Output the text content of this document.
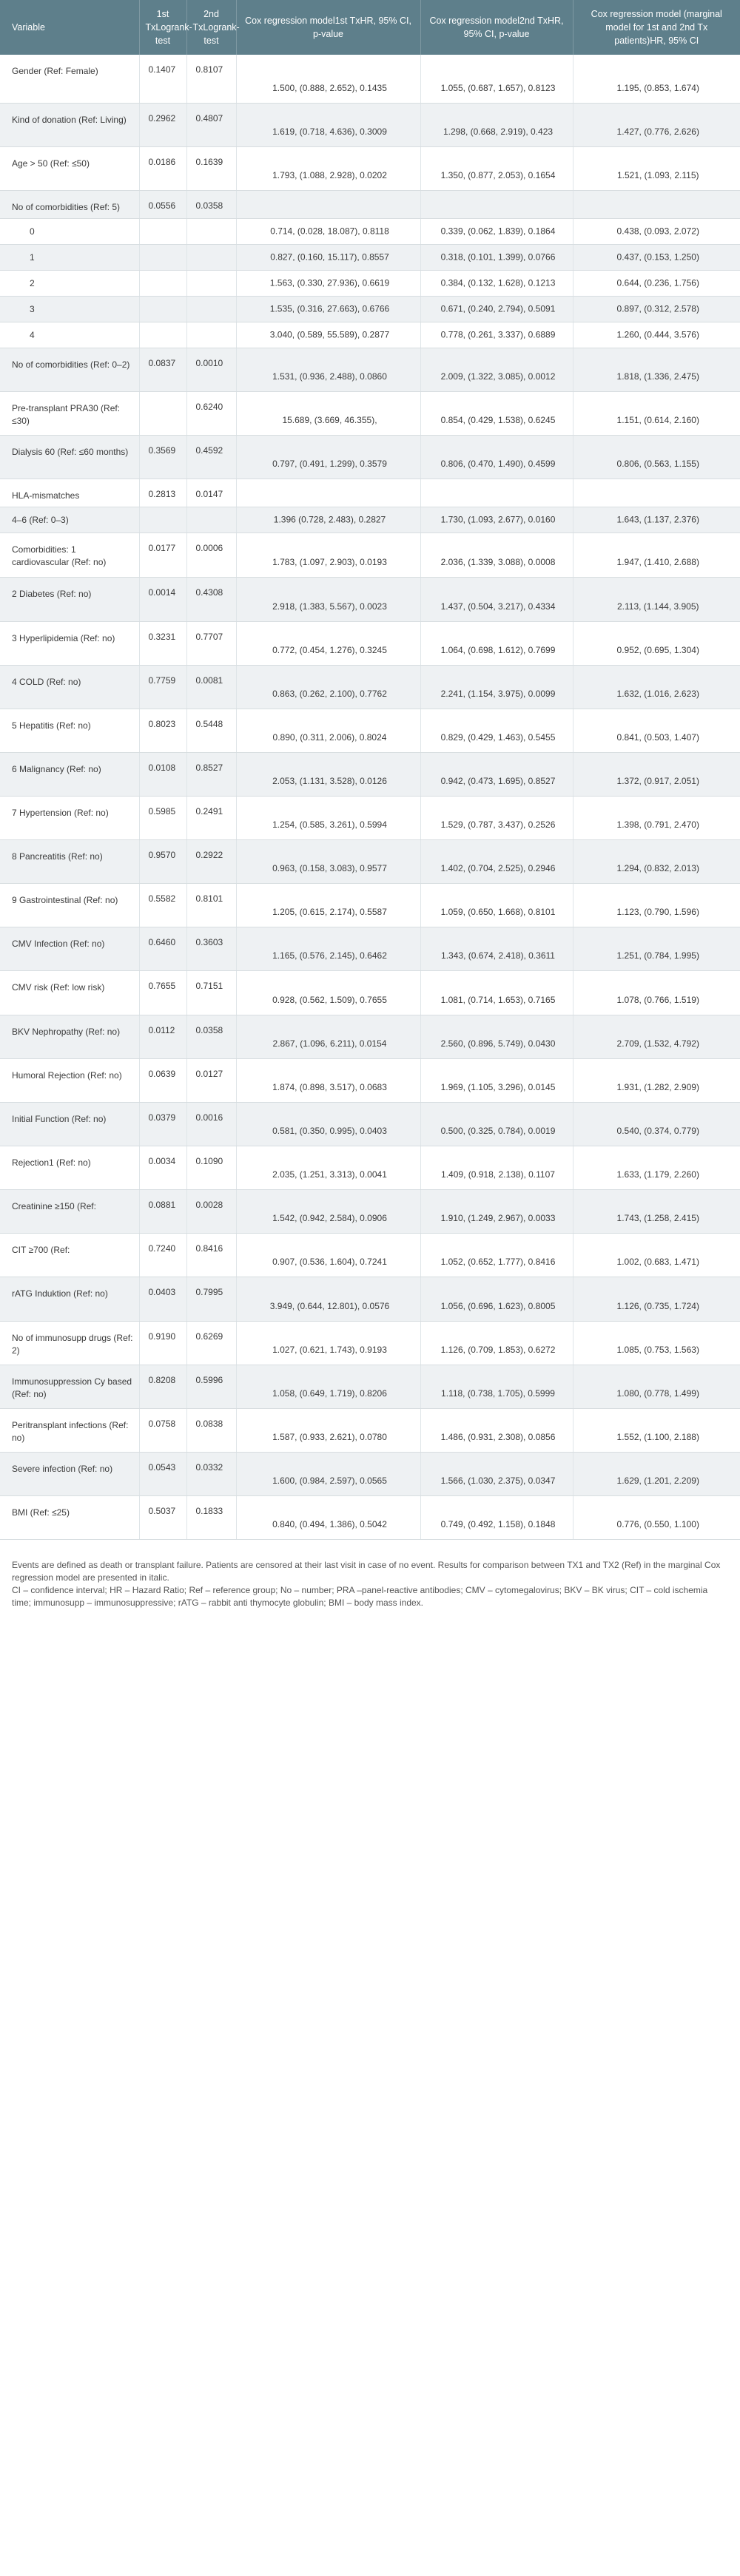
Variable	1st TxLogrank-test	2nd TxLogrank-test	Cox regression model1st TxHR, 95% CI, p-value	Cox regression model2nd TxHR, 95% CI, p-value	Cox regression model (marginal model for 1st and 2nd Tx patients)HR, 95% CI

Gender (Ref: Female)	0.1407	0.8107	1.500, (0.888, 2.652), 0.1435	1.055, (0.687, 1.657), 0.8123	1.195, (0.853, 1.674)

Kind of donation (Ref: Living)	0.2962	0.4807	1.619, (0.718, 4.636), 0.3009	1.298, (0.668, 2.919), 0.423	1.427, (0.776, 2.626)

Age > 50 (Ref: ≤50)	0.0186	0.1639	1.793, (1.088, 2.928), 0.0202	1.350, (0.877, 2.053), 0.1654	1.521, (1.093, 2.115)

No of comorbidities (Ref: 5)	0.0556	0.0358			

0			0.714, (0.028, 18.087), 0.8118	0.339, (0.062, 1.839), 0.1864	0.438, (0.093, 2.072)

1			0.827, (0.160, 15.117), 0.8557	0.318, (0.101, 1.399), 0.0766	0.437, (0.153, 1.250)

2			1.563, (0.330, 27.936), 0.6619	0.384, (0.132, 1.628), 0.1213	0.644, (0.236, 1.756)

3			1.535, (0.316, 27.663), 0.6766	0.671, (0.240, 2.794), 0.5091	0.897, (0.312, 2.578)

4			3.040, (0.589, 55.589), 0.2877	0.778, (0.261, 3.337), 0.6889	1.260, (0.444, 3.576)

No of comorbidities (Ref: 0–2)	0.0837	0.0010	1.531, (0.936, 2.488), 0.0860	2.009, (1.322, 3.085), 0.0012	1.818, (1.336, 2.475)

Pre-transplant PRA30 (Ref: ≤30)		0.6240	15.689, (3.669, 46.355),	0.854, (0.429, 1.538), 0.6245	1.151, (0.614, 2.160)

Dialysis 60 (Ref: ≤60 months)	0.3569	0.4592	0.797, (0.491, 1.299), 0.3579	0.806, (0.470, 1.490), 0.4599	0.806, (0.563, 1.155)

HLA-mismatches	0.2813	0.0147			

4–6 (Ref: 0–3)			1.396 (0.728, 2.483), 0.2827	1.730, (1.093, 2.677), 0.0160	1.643, (1.137, 2.376)

Comorbidities: 1 cardiovascular (Ref: no)	0.0177	0.0006	1.783, (1.097, 2.903), 0.0193	2.036, (1.339, 3.088), 0.0008	1.947, (1.410, 2.688)

2 Diabetes (Ref: no)	0.0014	0.4308	2.918, (1.383, 5.567), 0.0023	1.437, (0.504, 3.217), 0.4334	2.113, (1.144, 3.905)

3 Hyperlipidemia (Ref: no)	0.3231	0.7707	0.772, (0.454, 1.276), 0.3245	1.064, (0.698, 1.612), 0.7699	0.952, (0.695, 1.304)

4 COLD (Ref: no)	0.7759	0.0081	0.863, (0.262, 2.100), 0.7762	2.241, (1.154, 3.975), 0.0099	1.632, (1.016, 2.623)

5 Hepatitis (Ref: no)	0.8023	0.5448	0.890, (0.311, 2.006), 0.8024	0.829, (0.429, 1.463), 0.5455	0.841, (0.503, 1.407)

6 Malignancy (Ref: no)	0.0108	0.8527	2.053, (1.131, 3.528), 0.0126	0.942, (0.473, 1.695), 0.8527	1.372, (0.917, 2.051)

7 Hypertension (Ref: no)	0.5985	0.2491	1.254, (0.585, 3.261), 0.5994	1.529, (0.787, 3.437), 0.2526	1.398, (0.791, 2.470)

8 Pancreatitis (Ref: no)	0.9570	0.2922	0.963, (0.158, 3.083), 0.9577	1.402, (0.704, 2.525), 0.2946	1.294, (0.832, 2.013)

9 Gastrointestinal (Ref: no)	0.5582	0.8101	1.205, (0.615, 2.174), 0.5587	1.059, (0.650, 1.668), 0.8101	1.123, (0.790, 1.596)

CMV Infection (Ref: no)	0.6460	0.3603	1.165, (0.576, 2.145), 0.6462	1.343, (0.674, 2.418), 0.3611	1.251, (0.784, 1.995)

CMV risk (Ref: low risk)	0.7655	0.7151	0.928, (0.562, 1.509), 0.7655	1.081, (0.714, 1.653), 0.7165	1.078, (0.766, 1.519)

BKV Nephropathy (Ref: no)	0.0112	0.0358	2.867, (1.096, 6.211), 0.0154	2.560, (0.896, 5.749), 0.0430	2.709, (1.532, 4.792)

Humoral Rejection (Ref: no)	0.0639	0.0127	1.874, (0.898, 3.517), 0.0683	1.969, (1.105, 3.296), 0.0145	1.931, (1.282, 2.909)

Initial Function (Ref: no)	0.0379	0.0016	0.581, (0.350, 0.995), 0.0403	0.500, (0.325, 0.784), 0.0019	0.540, (0.374, 0.779)

Rejection1 (Ref: no)	0.0034	0.1090	2.035, (1.251, 3.313), 0.0041	1.409, (0.918, 2.138), 0.1107	1.633, (1.179, 2.260)

Creatinine ≥150 (Ref:	0.0881	0.0028	1.542, (0.942, 2.584), 0.0906	1.910, (1.249, 2.967), 0.0033	1.743, (1.258, 2.415)

CIT ≥700 (Ref:	0.7240	0.8416	0.907, (0.536, 1.604), 0.7241	1.052, (0.652, 1.777), 0.8416	1.002, (0.683, 1.471)

rATG Induktion (Ref: no)	0.0403	0.7995	3.949, (0.644, 12.801), 0.0576	1.056, (0.696, 1.623), 0.8005	1.126, (0.735, 1.724)

No of immunosupp drugs (Ref: 2)	0.9190	0.6269	1.027, (0.621, 1.743), 0.9193	1.126, (0.709, 1.853), 0.6272	1.085, (0.753, 1.563)

Immunosuppression Cy based (Ref: no)	0.8208	0.5996	1.058, (0.649, 1.719), 0.8206	1.118, (0.738, 1.705), 0.5999	1.080, (0.778, 1.499)

Peritransplant infections (Ref: no)	0.0758	0.0838	1.587, (0.933, 2.621), 0.0780	1.486, (0.931, 2.308), 0.0856	1.552, (1.100, 2.188)

Severe infection (Ref: no)	0.0543	0.0332	1.600, (0.984, 2.597), 0.0565	1.566, (1.030, 2.375), 0.0347	1.629, (1.201, 2.209)

BMI (Ref: ≤25)	0.5037	0.1833	0.840, (0.494, 1.386), 0.5042	0.749, (0.492, 1.158), 0.1848	0.776, (0.550, 1.100)

Events are defined as death or transplant failure. Patients are censored at their last visit in case of no event. Results for comparison between TX1 and TX2 (Ref) in the marginal Cox regression model are presented in italic.

CI – confidence interval; HR – Hazard Ratio; Ref – reference group; No – number; PRA –panel-reactive antibodies; CMV – cytomegalovirus; BKV – BK virus; CIT – cold ischemia time; immunosupp – immunosuppressive; rATG – rabbit anti thymocyte globulin; BMI – body mass index.
